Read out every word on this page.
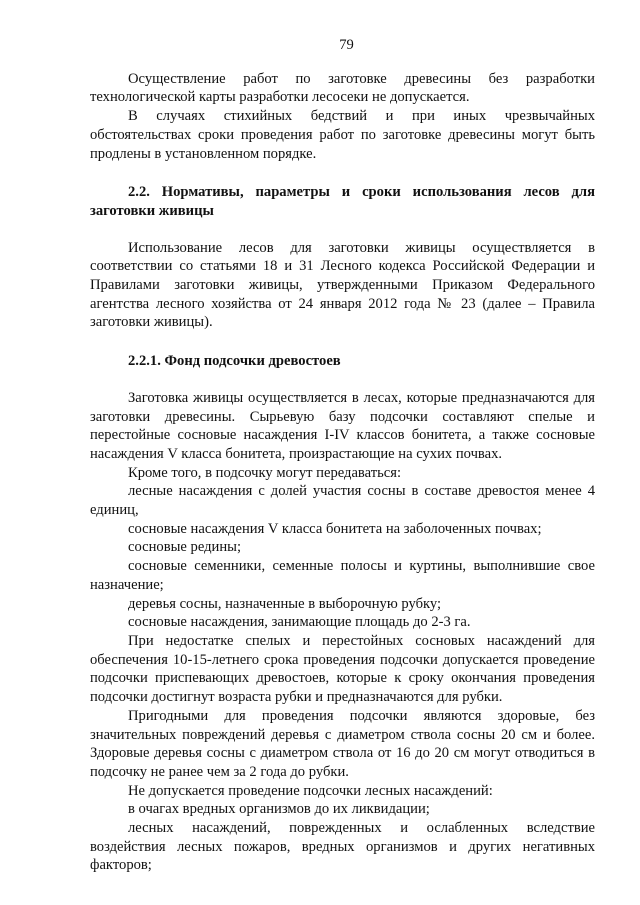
79

Осуществление работ по заготовке древесины без разработки технологической карты разработки лесосеки не допускается.

В случаях стихийных бедствий и при иных чрезвычайных обстоятельствах сроки проведения работ по заготовке древесины могут быть продлены в установленном порядке.

2.2. Нормативы, параметры и сроки использования лесов для заготовки живицы

Использование лесов для заготовки живицы осуществляется в соответствии со статьями 18 и 31 Лесного кодекса Российской Федерации и Правилами заготовки живицы, утвержденными Приказом Федерального агентства лесного хозяйства от 24 января 2012 года № 23 (далее – Правила заготовки живицы).

2.2.1. Фонд подсочки древостоев

Заготовка живицы осуществляется в лесах, которые предназначаются для заготовки древесины. Сырьевую базу подсочки составляют спелые и перестойные сосновые насаждения I-IV классов бонитета, а также сосновые насаждения V класса бонитета, произрастающие на сухих почвах.

Кроме того, в подсочку могут передаваться:

лесные насаждения с долей участия сосны в составе древостоя менее 4 единиц,

сосновые насаждения V класса бонитета на заболоченных почвах;

сосновые редины;

сосновые семенники, семенные полосы и куртины, выполнившие свое назначение;

деревья сосны, назначенные в выборочную рубку;

сосновые насаждения, занимающие площадь до 2-3 га.

При недостатке спелых и перестойных сосновых насаждений для обеспечения 10-15-летнего срока проведения подсочки допускается проведение подсочки приспевающих древостоев, которые к сроку окончания проведения подсочки достигнут возраста рубки и предназначаются для рубки.

Пригодными для проведения подсочки являются здоровые, без значительных повреждений деревья с диаметром ствола сосны 20 см и более. Здоровые деревья сосны с диаметром ствола от 16 до 20 см могут отводиться в подсочку не ранее чем за 2 года до рубки.

Не допускается проведение подсочки лесных насаждений:

в очагах вредных организмов до их ликвидации;

лесных насаждений, поврежденных и ослабленных вследствие воздействия лесных пожаров, вредных организмов и других негативных факторов;
